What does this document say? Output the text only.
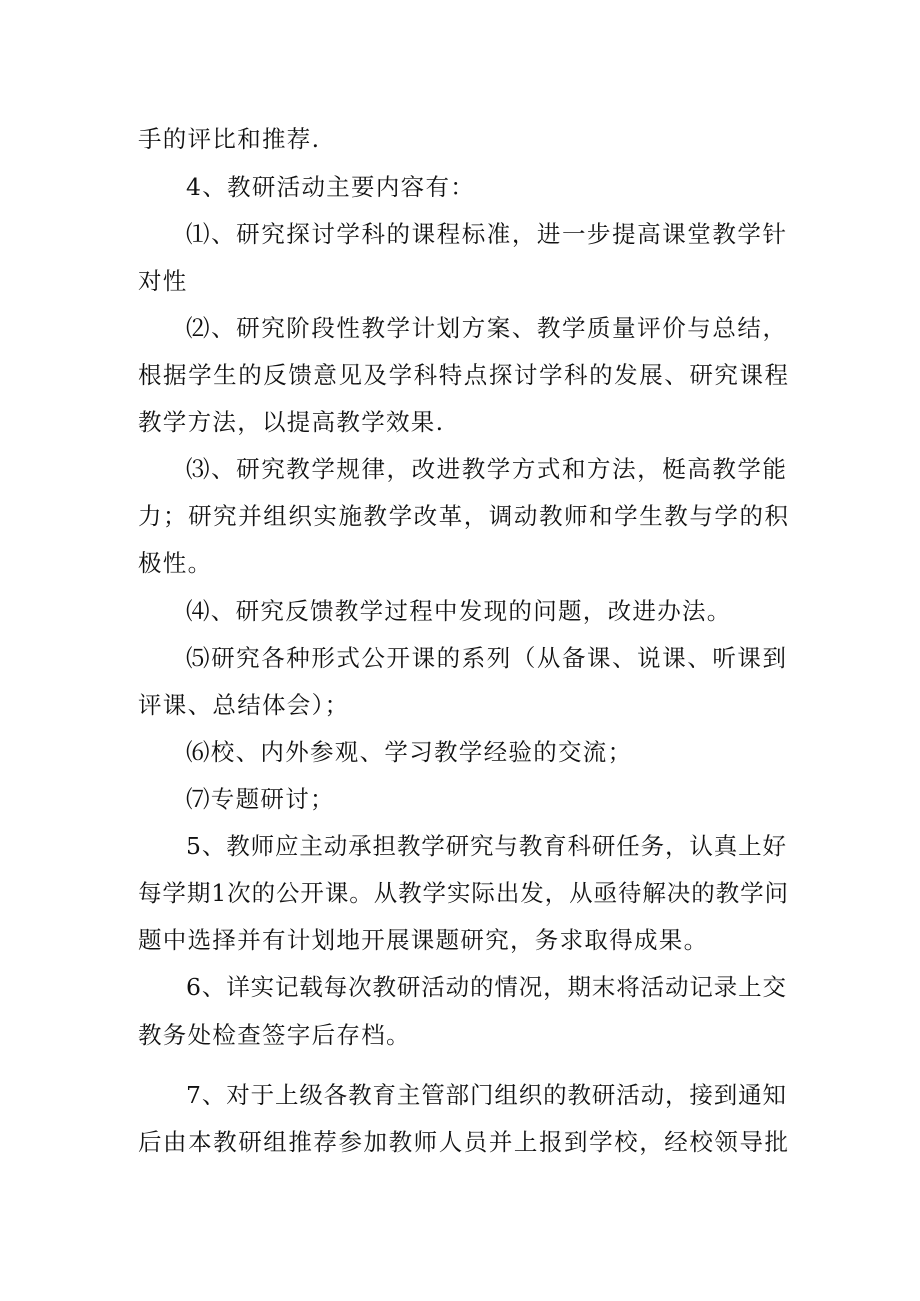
手的评比和推荐.
4、教研活动主要内容有：
⑴、研究探讨学科的课程标准，进一步提高课堂教学针
对性
⑵、研究阶段性教学计划方案、教学质量评价与总结，
根据学生的反馈意见及学科特点探讨学科的发展、研究课程
教学方法，以提高教学效果.
⑶、研究教学规律，改进教学方式和方法，梃高教学能
力；研究并组织实施教学改革，调动教师和学生教与学的积
极性。
⑷、研究反馈教学过程中发现的问题，改进办法。
⑸研究各种形式公开课的系列（从备课、说课、听课到
评课、总结体会）；
⑹校、内外参观、学习教学经验的交流；
⑺专题研讨；
5、教师应主动承担教学研究与教育科研任务，认真上好
每学期1次的公开课。从教学实际出发，从亟待解决的教学问
题中选择并有计划地开展课题研究，务求取得成果。
6、详实记载每次教研活动的情况，期末将活动记录上交
教务处检查签字后存档。
7、对于上级各教育主管部门组织的教研活动，接到通知
后由本教研组推荐参加教师人员并上报到学校，经校领导批
